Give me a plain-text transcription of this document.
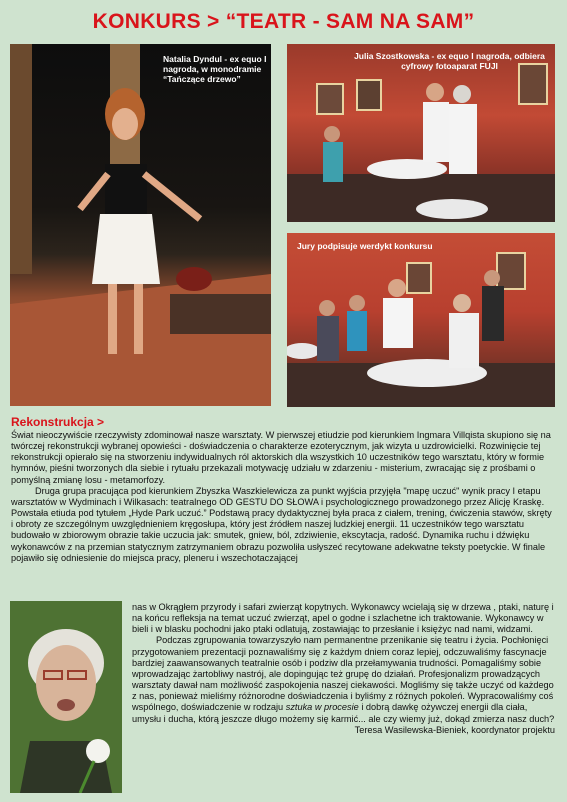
KONKURS > “TEATR - SAM NA SAM”
Natalia Dyndul - ex equo I nagroda, w monodramie “Tańczące drzewo”
Julia Szostkowska - ex equo I nagroda, odbiera cyfrowy fotoaparat FUJI
Jury podpisuje werdykt konkursu
Rekonstrukcja >

Świat nieoczywiście rzeczywisty zdominował nasze warsztaty. W pierwszej etiudzie pod kierunkiem Ingmara Villqista skupiono się na twórczej rekonstrukcji wybranej opowieści - doświadczenia o charakterze ezoterycznym, jak wizyta u uzdrowicielki. Rozwinięcie tej rekonstrukcji opierało się na stworzeniu indywidualnych ról aktorskich dla wszystkich 10 uczestników tego warsztatu, który w formie hymnów, pieśni tworzonych dla siebie i rytuału przekazali motywację udziału w zdarzeniu - misterium, zwracając się z prośbami o pomyślną zmianę losu - metamorfozy.

Druga grupa pracująca pod kierunkiem Zbyszka Waszkielewicza za punkt wyjścia przyjęła "mapę uczuć" wynik pracy I etapu warsztatów w Wydminach i Wilkasach: teatralnego OD GESTU DO SŁOWA i psychologicznego prowadzonego przez Alicję Kraskę. Powstała etiuda pod tytułem „Hyde Park uczuć.” Podstawą pracy dydaktycznej była praca z ciałem, trening, ćwiczenia stawów, skręty i obroty ze szczególnym uwzględnieniem kręgosłupa, który jest źródłem naszej ludzkiej energii. 11 uczestników tego warsztatu budowało w zbiorowym obrazie takie uczucia jak: smutek, gniew, ból, zdziwienie, ekscytacja, radość. Dynamika ruchu i dźwięku wykonawców z na przemian statycznym zatrzymaniem obrazu pozwoliła usłyszeć recytowane adekwatne teksty poetyckie. W finale pojawiło się odniesienie do miejsca pracy, pleneru i wszechotaczającej

nas w Okrągłem przyrody i safari zwierząt kopytnych. Wykonawcy wcielają się w drzewa , ptaki, naturę i na końcu refleksja na temat uczuć zwierząt, apel o godne i szlachetne ich traktowanie. Wykonawcy w bieli i w blasku pochodni jako ptaki odlatują, zostawiając to przesłanie i księżyc nad nami, widzami.

Podczas zgrupowania towarzyszyło nam permanentne przenikanie się teatru i życia. Pochłonięci przygotowaniem prezentacji poznawaliśmy się z każdym dniem coraz lepiej, odczuwaliśmy fascynacje bardziej zaawansowanych teatralnie osób i podziw dla przełamywania trudności. Pomagaliśmy sobie wprowadzając żartobliwy nastrój, ale dopingując też grupę do działań. Profesjonalizm prowadzących warsztaty dawał nam możliwość zaspokojenia naszej ciekawości. Mogliśmy się także uczyć od każdego z nas, ponieważ mieliśmy różnorodne doświadczenia i byliśmy z różnych pokoleń. Wypracowaliśmy coś wspólnego, doświadczenie w rodzaju sztuka w procesie i dobrą dawkę ożywczej energii dla ciała, umysłu i ducha, którą jeszcze długo możemy się karmić... ale czy wiemy już, dokąd zmierza nasz duch?

Teresa Wasilewska-Bieniek, koordynator projektu
